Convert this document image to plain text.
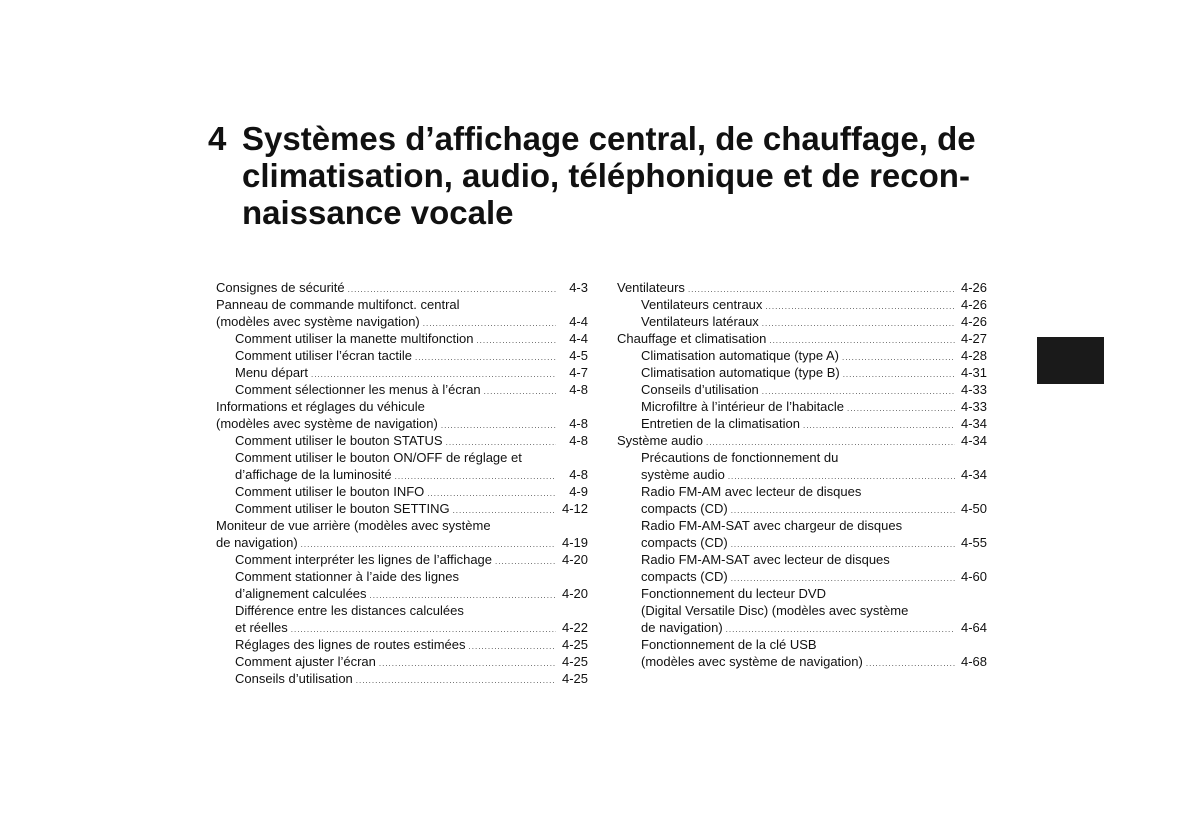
4 Systèmes d’affichage central, de chauffage, de
climatisation, audio, téléphonique et de recon-
naissance vocale
Consignes de sécurité .....	4-3
Panneau de commande multifonct. central
(modèles avec système navigation) .....	4-4
Comment utiliser la manette multifonction .....	4-4
Comment utiliser l’écran tactile .....	4-5
Menu départ .....	4-7
Comment sélectionner les menus à l’écran .....	4-8
Informations et réglages du véhicule
(modèles avec système de navigation) .....	4-8
Comment utiliser le bouton STATUS .....	4-8
Comment utiliser le bouton ON/OFF de réglage et
d’affichage de la luminosité .....	4-8
Comment utiliser le bouton INFO .....	4-9
Comment utiliser le bouton SETTING .....	4-12
Moniteur de vue arrière (modèles avec système
de navigation) .....	4-19
Comment interpréter les lignes de l’affichage .....	4-20
Comment stationner à l’aide des lignes
d’alignement calculées .....	4-20
Différence entre les distances calculées
et réelles .....	4-22
Réglages des lignes de routes estimées .....	4-25
Comment ajuster l’écran .....	4-25
Conseils d’utilisation .....	4-25
Ventilateurs .....	4-26
Ventilateurs centraux .....	4-26
Ventilateurs latéraux .....	4-26
Chauffage et climatisation .....	4-27
Climatisation automatique (type A) .....	4-28
Climatisation automatique (type B) .....	4-31
Conseils d’utilisation .....	4-33
Microfiltre à l’intérieur de l’habitacle .....	4-33
Entretien de la climatisation .....	4-34
Système audio .....	4-34
Précautions de fonctionnement du
système audio .....	4-34
Radio FM-AM avec lecteur de disques
compacts (CD) .....	4-50
Radio FM-AM-SAT avec chargeur de disques
compacts (CD) .....	4-55
Radio FM-AM-SAT avec lecteur de disques
compacts (CD) .....	4-60
Fonctionnement du lecteur DVD
(Digital Versatile Disc) (modèles avec système
de navigation) .....	4-64
Fonctionnement de la clé USB
(modèles avec système de navigation) .....	4-68
